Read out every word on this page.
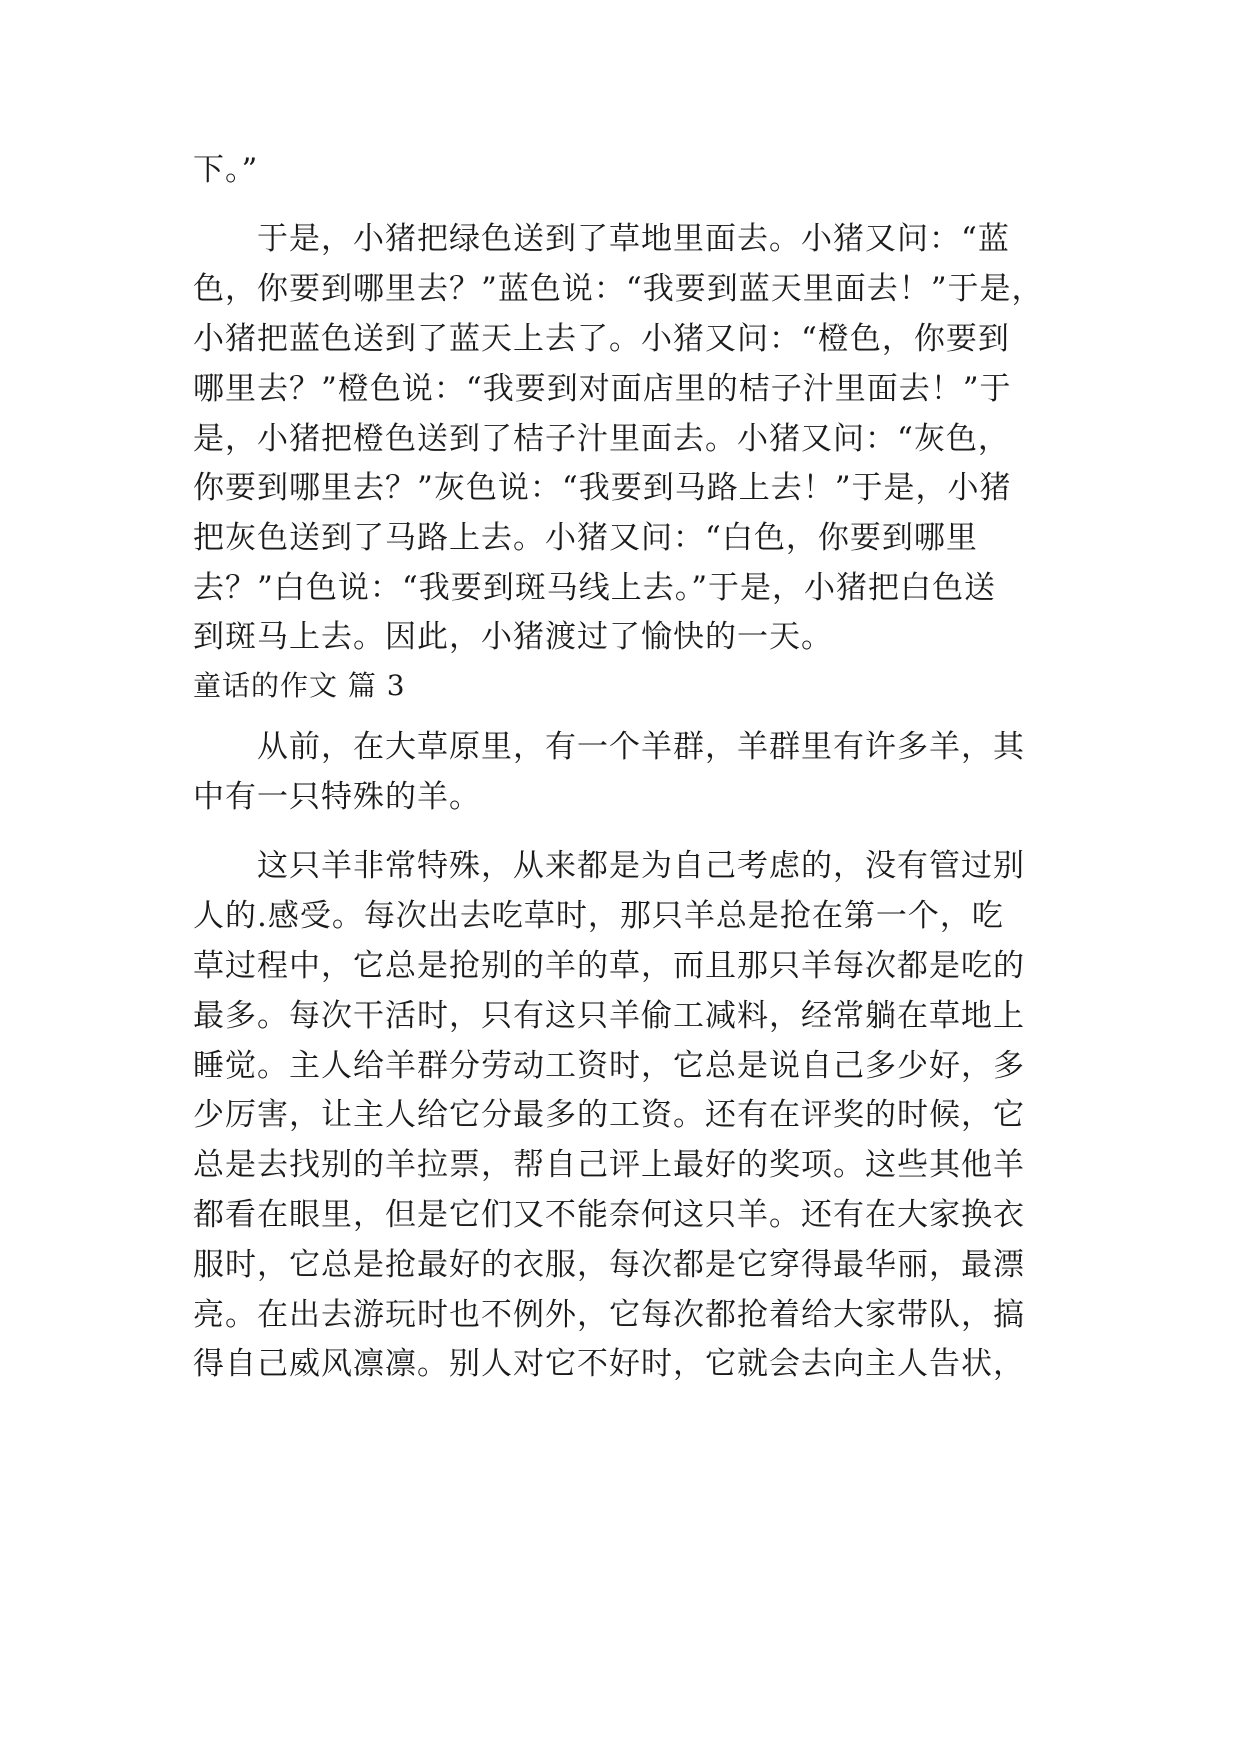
下。”
于是，小猪把绿色送到了草地里面去。小猪又问：“蓝
色，你要到哪里去？”蓝色说：“我要到蓝天里面去！”于是，
小猪把蓝色送到了蓝天上去了。小猪又问：“橙色，你要到
哪里去？”橙色说：“我要到对面店里的桔子汁里面去！”于
是，小猪把橙色送到了桔子汁里面去。小猪又问：“灰色，
你要到哪里去？”灰色说：“我要到马路上去！”于是，小猪
把灰色送到了马路上去。小猪又问：“白色，你要到哪里
去？”白色说：“我要到斑马线上去。”于是，小猪把白色送
到斑马上去。因此，小猪渡过了愉快的一天。
童话的作文 篇 3
从前，在大草原里，有一个羊群，羊群里有许多羊，其
中有一只特殊的羊。
这只羊非常特殊，从来都是为自己考虑的，没有管过别
人的.感受。每次出去吃草时，那只羊总是抢在第一个，吃
草过程中，它总是抢别的羊的草，而且那只羊每次都是吃的
最多。每次干活时，只有这只羊偷工减料，经常躺在草地上
睡觉。主人给羊群分劳动工资时，它总是说自己多少好，多
少厉害，让主人给它分最多的工资。还有在评奖的时候，它
总是去找别的羊拉票，帮自己评上最好的奖项。这些其他羊
都看在眼里，但是它们又不能奈何这只羊。还有在大家换衣
服时，它总是抢最好的衣服，每次都是它穿得最华丽，最漂
亮。在出去游玩时也不例外，它每次都抢着给大家带队，搞
得自己威风凛凛。别人对它不好时，它就会去向主人告状，
